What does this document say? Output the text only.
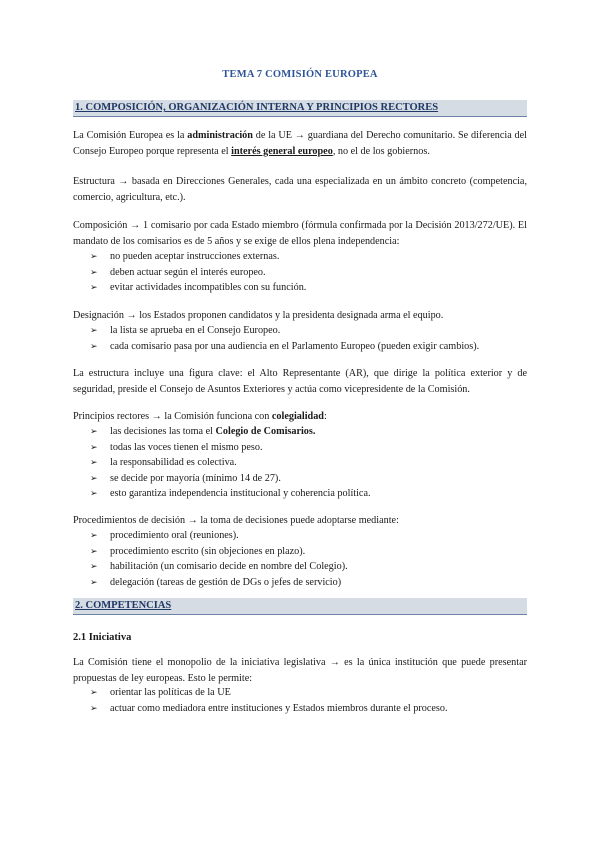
TEMA 7 COMISIÓN EUROPEA
1. COMPOSICIÓN, ORGANIZACIÓN INTERNA Y PRINCIPIOS RECTORES
La Comisión Europea es la administración de la UE → guardiana del Derecho comunitario. Se diferencia del Consejo Europeo porque representa el interés general europeo, no el de los gobiernos.
Estructura → basada en Direcciones Generales, cada una especializada en un ámbito concreto (competencia, comercio, agricultura, etc.).
Composición → 1 comisario por cada Estado miembro (fórmula confirmada por la Decisión 2013/272/UE). El mandato de los comisarios es de 5 años y se exige de ellos plena independencia:
➢ no pueden aceptar instrucciones externas.
➢ deben actuar según el interés europeo.
➢ evitar actividades incompatibles con su función.
Designación → los Estados proponen candidatos y la presidenta designada arma el equipo.
➢ la lista se aprueba en el Consejo Europeo.
➢ cada comisario pasa por una audiencia en el Parlamento Europeo (pueden exigir cambios).
La estructura incluye una figura clave: el Alto Representante (AR), que dirige la política exterior y de seguridad, preside el Consejo de Asuntos Exteriores y actúa como vicepresidente de la Comisión.
Principios rectores → la Comisión funciona con colegialidad:
➢ las decisiones las toma el Colegio de Comisarios.
➢ todas las voces tienen el mismo peso.
➢ la responsabilidad es colectiva.
➢ se decide por mayoría (mínimo 14 de 27).
➢ esto garantiza independencia institucional y coherencia política.
Procedimientos de decisión → la toma de decisiones puede adoptarse mediante:
➢ procedimiento oral (reuniones).
➢ procedimiento escrito (sin objeciones en plazo).
➢ habilitación (un comisario decide en nombre del Colegio).
➢ delegación (tareas de gestión de DGs o jefes de servicio)
2. COMPETENCIAS
2.1 Iniciativa
La Comisión tiene el monopolio de la iniciativa legislativa → es la única institución que puede presentar propuestas de ley europeas. Esto le permite:
➢ orientar las políticas de la UE
➢ actuar como mediadora entre instituciones y Estados miembros durante el proceso.
